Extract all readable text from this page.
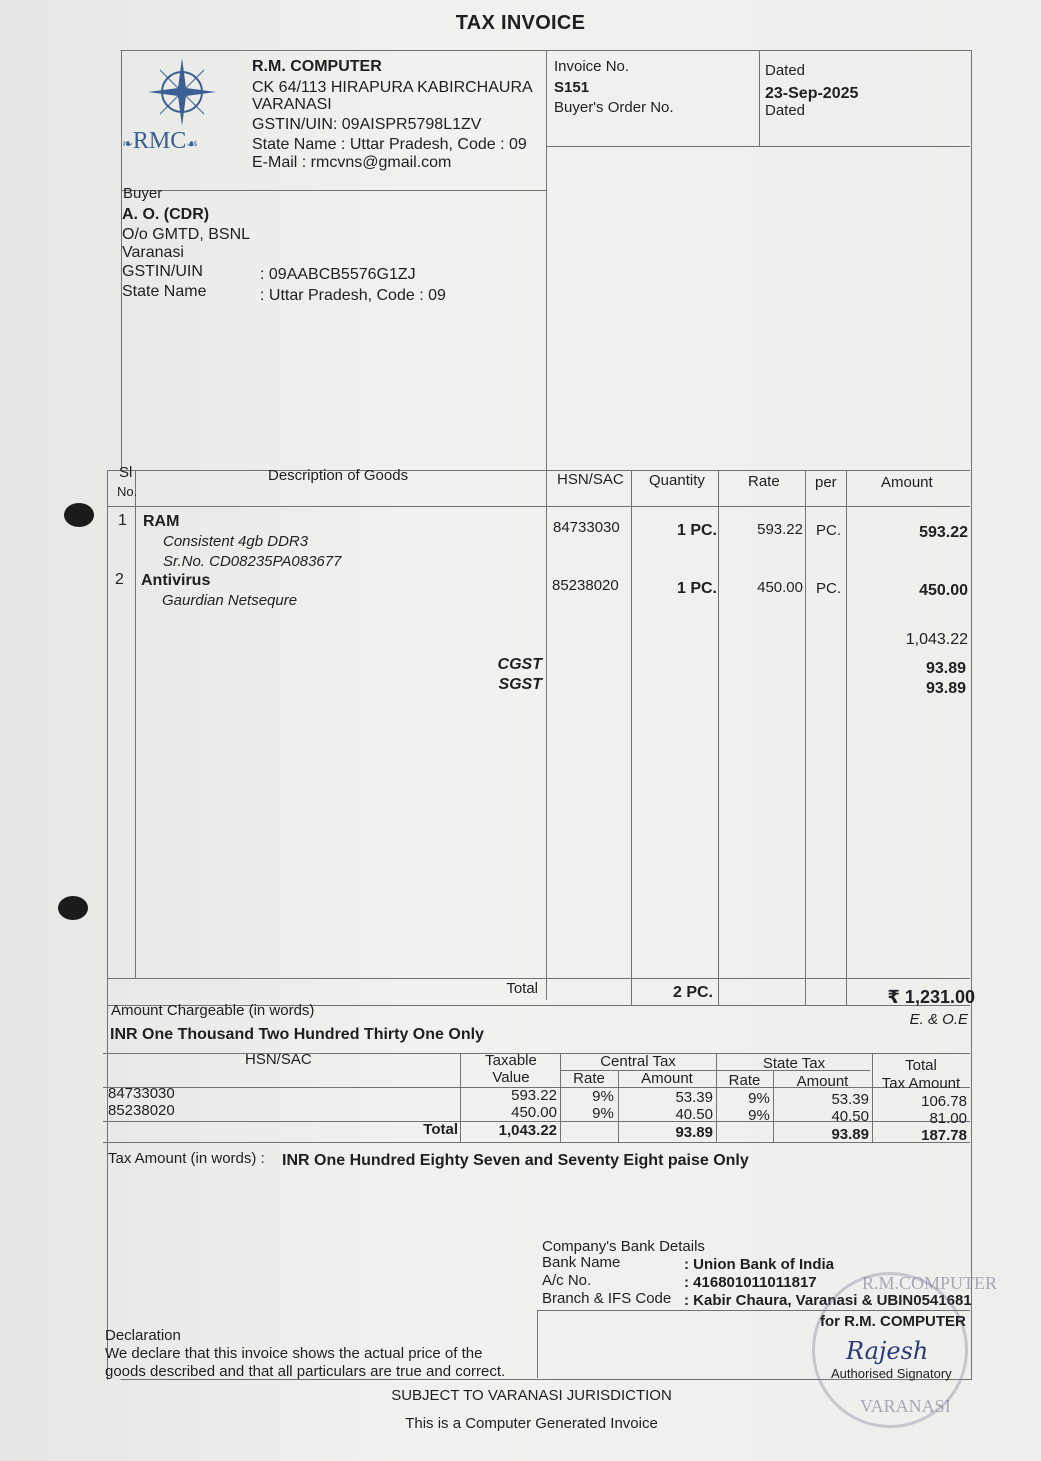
TAX INVOICE
❧RMC☙
R.M. COMPUTER
CK 64/113 HIRAPURA KABIRCHAURA
VARANASI
GSTIN/UIN: 09AISPR5798L1ZV
State Name : Uttar Pradesh, Code : 09
E-Mail : rmcvns@gmail.com
Invoice No.
S151
Buyer's Order No.
Dated
23-Sep-2025
Dated
Buyer
A. O. (CDR)
O/o GMTD, BSNL
Varanasi
GSTIN/UIN	: 09AABCB5576G1ZJ
State Name	: Uttar Pradesh, Code : 09
Sl
No.
Description of Goods	HSN/SAC Quantity	Rate per	Amount
1 RAM
Consistent 4gb DDR3
Sr.No. CD08235PA083677
84733030	1 PC.	593.22 PC.	593.22
2 Antivirus
Gaurdian Netsequre
85238020	1 PC.	450.00 PC.	450.00
1,043.22
CGST	93.89
SGST	93.89
Total	2 PC.	₹ 1,231.00
Amount Chargeable (in words)
E. & O.E
INR One Thousand Two Hundred Thirty One Only
HSN/SAC	Taxable
Value
Central Tax	State Tax
Rate	Amount	Rate	Amount
Total
Tax Amount
84733030	593.22	9%	53.39	9%	53.39	106.78
85238020	450.00	9%	40.50	9%	40.50	81.00
Total	1,043.22	93.89	93.89	187.78
Tax Amount (in words) : INR One Hundred Eighty Seven and Seventy Eight paise Only
Company's Bank Details
Bank Name	: Union Bank of India
A/c No.	: 416801011011817
Branch & IFS Code : Kabir Chaura, Varanasi & UBIN0541681
Declaration
We declare that this invoice shows the actual price of the
goods described and that all particulars are true and correct.
R.M.COMPUTER
VARANASI
for R.M. COMPUTER
Rajesh
Authorised Signatory
SUBJECT TO VARANASI JURISDICTION
This is a Computer Generated Invoice
